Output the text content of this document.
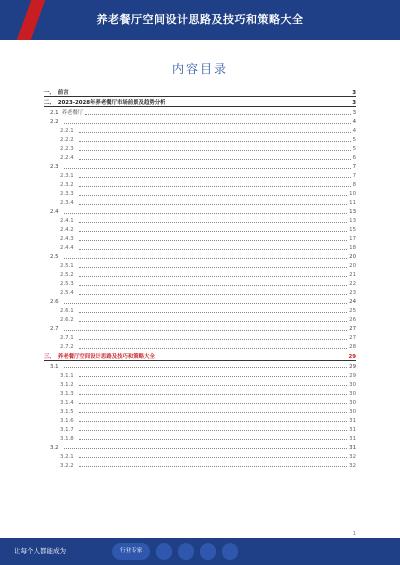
养老餐厅空间设计思路及技巧和策略大全
内容目录
一、 前言	3
二、 2023-2028年养老餐厅市场前景及趋势分析	3
2.1 养老餐厅	3
2.2	4
2.2.1	4
2.2.2	5
2.2.3	5
2.2.4	6
2.3	7
2.3.1	7
2.3.2	8
2.3.3	10
2.3.4	11
2.4	13
2.4.1	13
2.4.2	15
2.4.3	17
2.4.4	18
2.5	20
2.5.1	20
2.5.2	21
2.5.3	22
2.5.4	23
2.6	24
2.6.1	25
2.6.2	26
2.7	27
2.7.1	27
2.7.2	28
三、 养老餐厅空间设计思路及技巧和策略大全	29
3.1	29
3.1.1	29
3.1.2	30
3.1.3	30
3.1.4	30
3.1.5	30
3.1.6	31
3.1.7	31
3.1.8	31
3.2	31
3.2.1	32
3.2.2	32
1
让每个人都能成为	行业专家
